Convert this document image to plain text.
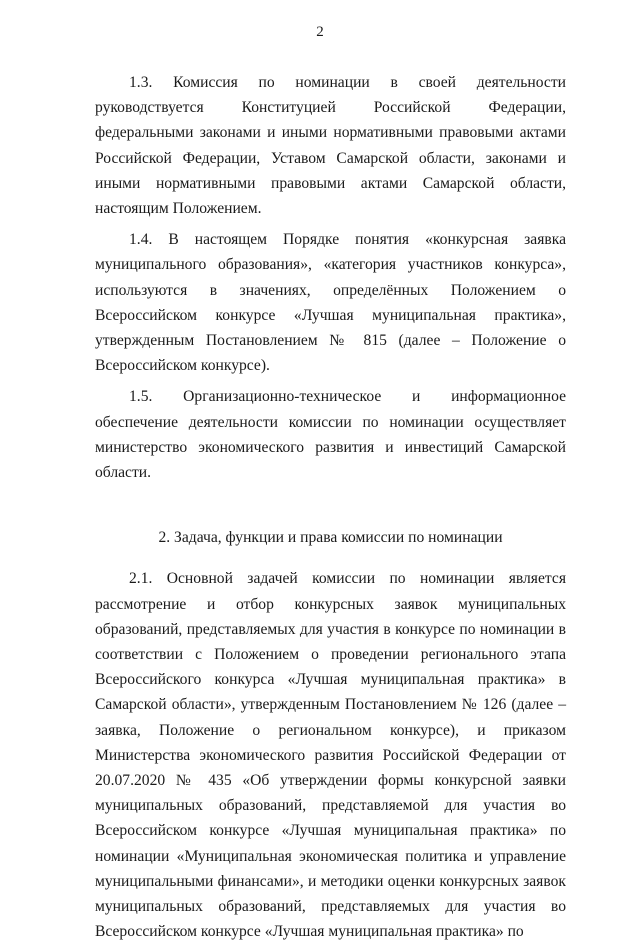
2

1.3. Комиссия по номинации в своей деятельности руководствуется Конституцией Российской Федерации, федеральными законами и иными нормативными правовыми актами Российской Федерации, Уставом Самарской области, законами и иными нормативными правовыми актами Самарской области, настоящим Положением.

1.4. В настоящем Порядке понятия «конкурсная заявка муниципального образования», «категория участников конкурса», используются в значениях, определённых Положением о Всероссийском конкурсе «Лучшая муниципальная практика», утвержденным Постановлением № 815 (далее – Положение о Всероссийском конкурсе).

1.5. Организационно-техническое и информационное обеспечение деятельности комиссии по номинации осуществляет министерство экономического развития и инвестиций Самарской области.

2. Задача, функции и права комиссии по номинации

2.1. Основной задачей комиссии по номинации является рассмотрение и отбор конкурсных заявок муниципальных образований, представляемых для участия в конкурсе по номинации в соответствии с Положением о проведении регионального этапа Всероссийского конкурса «Лучшая муниципальная практика» в Самарской области», утвержденным Постановлением № 126 (далее – заявка, Положение о региональном конкурсе), и приказом Министерства экономического развития Российской Федерации от 20.07.2020 № 435 «Об утверждении формы конкурсной заявки муниципальных образований, представляемой для участия во Всероссийском конкурсе «Лучшая муниципальная практика» по номинации «Муниципальная экономическая политика и управление муниципальными финансами», и методики оценки конкурсных заявок муниципальных образований, представляемых для участия во Всероссийском конкурсе «Лучшая муниципальная практика» по
